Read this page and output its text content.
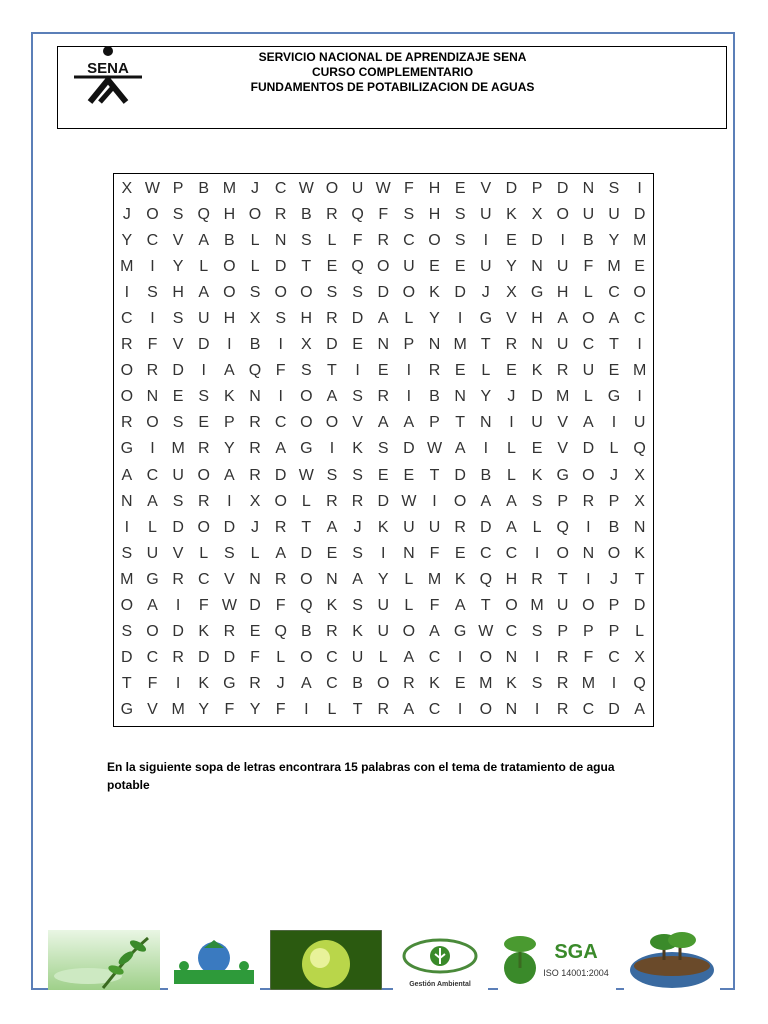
SENA
SERVICIO NACIONAL DE APRENDIZAJE SENA
CURSO COMPLEMENTARIO
FUNDAMENTOS DE POTABILIZACION DE AGUAS
X W P B M J C W O U W F H E V D P D N S	I
J O S Q H O R B R Q F S H S U K X O U U D
Y C V A B L N S L	F R C O S	I	E D	I	B Y M
M	I	Y L O L D T E Q O U E E U Y N U F M E
I	S H A O S O O S S D O K D J	X G H L C O
C	I	S U H X S H R D A L Y	I	G V H A O A C
R F V D	I	B	I	X D E N P N M T R N U C T	I
O R D	I	A Q F S T	I	E	I	R E L E K R U E M
O N E S K N	I	O A S R	I	B N Y	J D M L G	I
R O S E P R C O O V A A P T N	I	U V A	I	U
G	I	M R Y R A G	I	K S D W A	I	L E V D L Q
A C U O A R D W S S E E T D B L K G O J	X
N A S R	I	X O L R R D W I	O A A S P R P X
I	L D O D J R T A	J	K U U R D A L Q	I	B N
S U V L S L A D E S	I	N F E C C	I	O N O K
M G R C V N R O N A Y L M K Q H R T	I	J	T
O A	I	F W D F Q K S U L	F A T O M U O P D
S O D K R E Q B R K U O A G W C S P P P L
D C R D D F	L O C U L A C	I	O N	I	R F C X
T F	I	K G R J	A C B O R K E M K S R M	I	Q
G V M Y F Y F	I	L	T R A C	I	O N	I	R C D A
En la siguiente sopa de letras encontrara 15 palabras con el tema de tratamiento de agua potable
Gestión Ambiental
SGA
ISO 14001:2004
